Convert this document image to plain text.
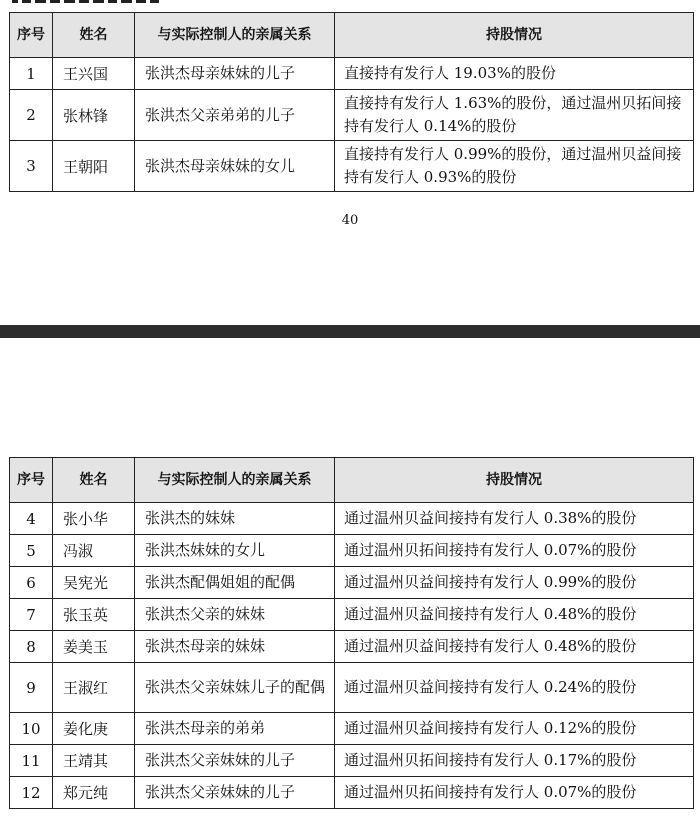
序号	姓名	与实际控制人的亲属关系	持股情况
1	王兴国	张洪杰母亲妹妹的儿子	直接持有发行人 19.03%的股份
2	张林锋	张洪杰父亲弟弟的儿子	直接持有发行人 1.63%的股份，通过温州贝拓间接持有发行人 0.14%的股份
3	王朝阳	张洪杰母亲妹妹的女儿	直接持有发行人 0.99%的股份，通过温州贝益间接持有发行人 0.93%的股份
40
序号	姓名	与实际控制人的亲属关系	持股情况
4	张小华	张洪杰的妹妹	通过温州贝益间接持有发行人 0.38%的股份
5	冯淑	张洪杰妹妹的女儿	通过温州贝拓间接持有发行人 0.07%的股份
6	吴宪光	张洪杰配偶姐姐的配偶	通过温州贝益间接持有发行人 0.99%的股份
7	张玉英	张洪杰父亲的妹妹	通过温州贝益间接持有发行人 0.48%的股份
8	姜美玉	张洪杰母亲的妹妹	通过温州贝益间接持有发行人 0.48%的股份
9	王淑红	张洪杰父亲妹妹儿子的配偶	通过温州贝益间接持有发行人 0.24%的股份
10	姜化庚	张洪杰母亲的弟弟	通过温州贝益间接持有发行人 0.12%的股份
11	王靖其	张洪杰父亲妹妹的儿子	通过温州贝拓间接持有发行人 0.17%的股份
12	郑元纯	张洪杰父亲妹妹的儿子	通过温州贝拓间接持有发行人 0.07%的股份
